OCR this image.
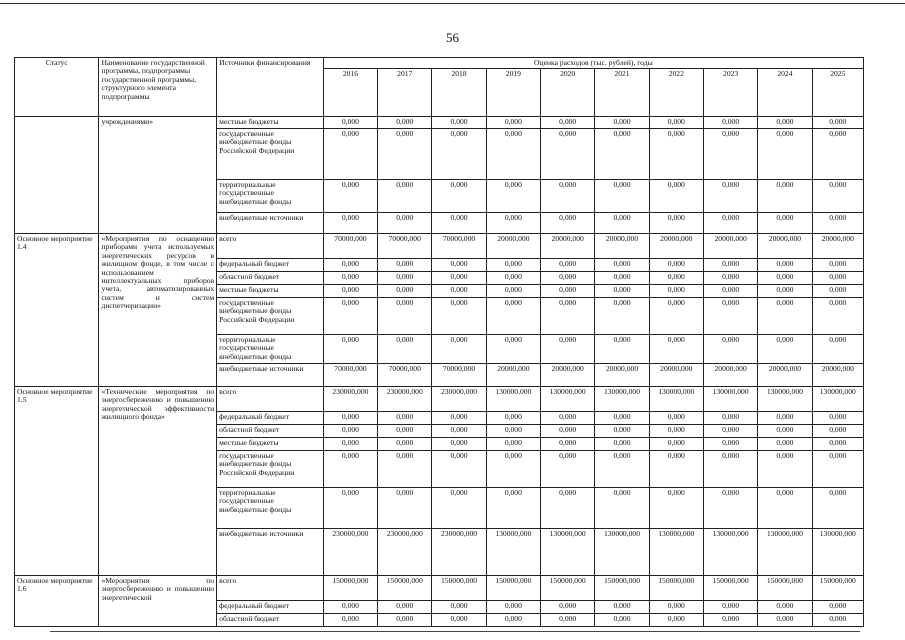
56
Статус	Наименование государственной программы, подпрограммы государственной программы, структурного элемента подпрограммы	Источники финансирования	Оценка расходов (тыс. рублей), годы									
			2016	2017	2018	2019	2020	2021	2022	2023	2024	2025
	учреждениями»	местные бюджеты	0,000	0,000	0,000	0,000	0,000	0,000	0,000	0,000	0,000	0,000
		государственные внебюджетные фонды Российской Федерации	0,000	0,000	0,000	0,000	0,000	0,000	0,000	0,000	0,000	0,000
		территориальные государственные внебюджетные фонды	0,000	0,000	0,000	0,000	0,000	0,000	0,000	0,000	0,000	0,000
		внебюджетные источники	0,000	0,000	0,000	0,000	0,000	0,000	0,000	0,000	0,000	0,000
Основное мероприятие 1.4	«Мероприятия по оснащению приборами учета используемых энергетических ресурсов в жилищном фонде, в том числе с использованием интеллектуальных приборов учета, автоматизированных систем и систем диспетчеризации»	всего	70000,000	70000,000	70000,000	20000,000	20000,000	20000,000	20000,000	20000,000	20000,000	20000,000
		федеральный бюджет	0,000	0,000	0,000	0,000	0,000	0,000	0,000	0,000	0,000	0,000
		областной бюджет	0,000	0,000	0,000	0,000	0,000	0,000	0,000	0,000	0,000	0,000
		местные бюджеты	0,000	0,000	0,000	0,000	0,000	0,000	0,000	0,000	0,000	0,000
		государственные внебюджетные фонды Российской Федерации	0,000	0,000	0,000	0,000	0,000	0,000	0,000	0,000	0,000	0,000
		территориальные государственные внебюджетные фонды	0,000	0,000	0,000	0,000	0,000	0,000	0,000	0,000	0,000	0,000
		внебюджетные источники	70000,000	70000,000	70000,000	20000,000	20000,000	20000,000	20000,000	20000,000	20000,000	20000,000
Основное мероприятие 1.5	«Технические мероприятия по энергосбережению и повышению энергетической эффективности жилищного фонда»	всего	230000,000	230000,000	230000,000	130000,000	130000,000	130000,000	130000,000	130000,000	130000,000	130000,000
		федеральный бюджет	0,000	0,000	0,000	0,000	0,000	0,000	0,000	0,000	0,000	0,000
		областной бюджет	0,000	0,000	0,000	0,000	0,000	0,000	0,000	0,000	0,000	0,000
		местные бюджеты	0,000	0,000	0,000	0,000	0,000	0,000	0,000	0,000	0,000	0,000
		государственные внебюджетные фонды Российской Федерации	0,000	0,000	0,000	0,000	0,000	0,000	0,000	0,000	0,000	0,000
		территориальные государственные внебюджетные фонды	0,000	0,000	0,000	0,000	0,000	0,000	0,000	0,000	0,000	0,000
		внебюджетные источники	230000,000	230000,000	230000,000	130000,000	130000,000	130000,000	130000,000	130000,000	130000,000	130000,000
Основное мероприятие 1.6	«Мероприятия по энергосбережению и повышению энергетической	всего	150000,000	150000,000	150000,000	150000,000	150000,000	150000,000	150000,000	150000,000	150000,000	150000,000
		федеральный бюджет	0,000	0,000	0,000	0,000	0,000	0,000	0,000	0,000	0,000	0,000
		областной бюджет	0,000	0,000	0,000	0,000	0,000	0,000	0,000	0,000	0,000	0,000
